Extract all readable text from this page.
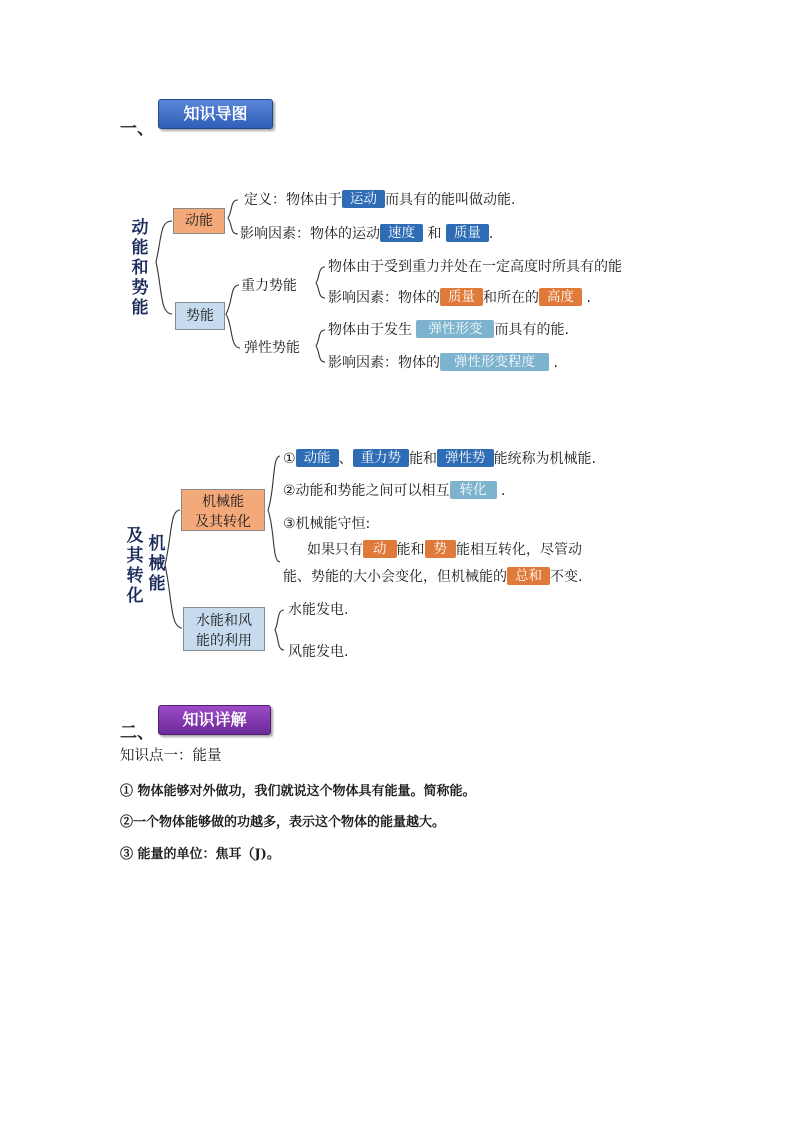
一、
知识导图
动能和势能
动能
势能
定义：物体由于 运动 而具有的能叫做动能.
影响因素：物体的运动 速度 和 质量 .
重力势能
物体由于受到重力并处在一定高度时所具有的能
影响因素：物体的 质量 和所在的 高度 .
弹性势能
物体由于发生 弹性形变 而具有的能.
影响因素：物体的 弹性形变程度 .
及其转化
机械能
及其转化
水能和风
能的利用
① 动能 、 重力势 能和 弹性势 能统称为机械能.
②动能和势能之间可以相互 转化 .
③机械能守恒:
如果只有 动 能和 势 能相互转化，尽管动
能、势能的大小会变化，但机械能的 总和 不变.
水能发电.
风能发电.
二、
知识详解
知识点一：能量
① 物体能够对外做功，我们就说这个物体具有能量。简称能。
②一个物体能够做的功越多，表示这个物体的能量越大。
③ 能量的单位：焦耳（J)。
机械能
